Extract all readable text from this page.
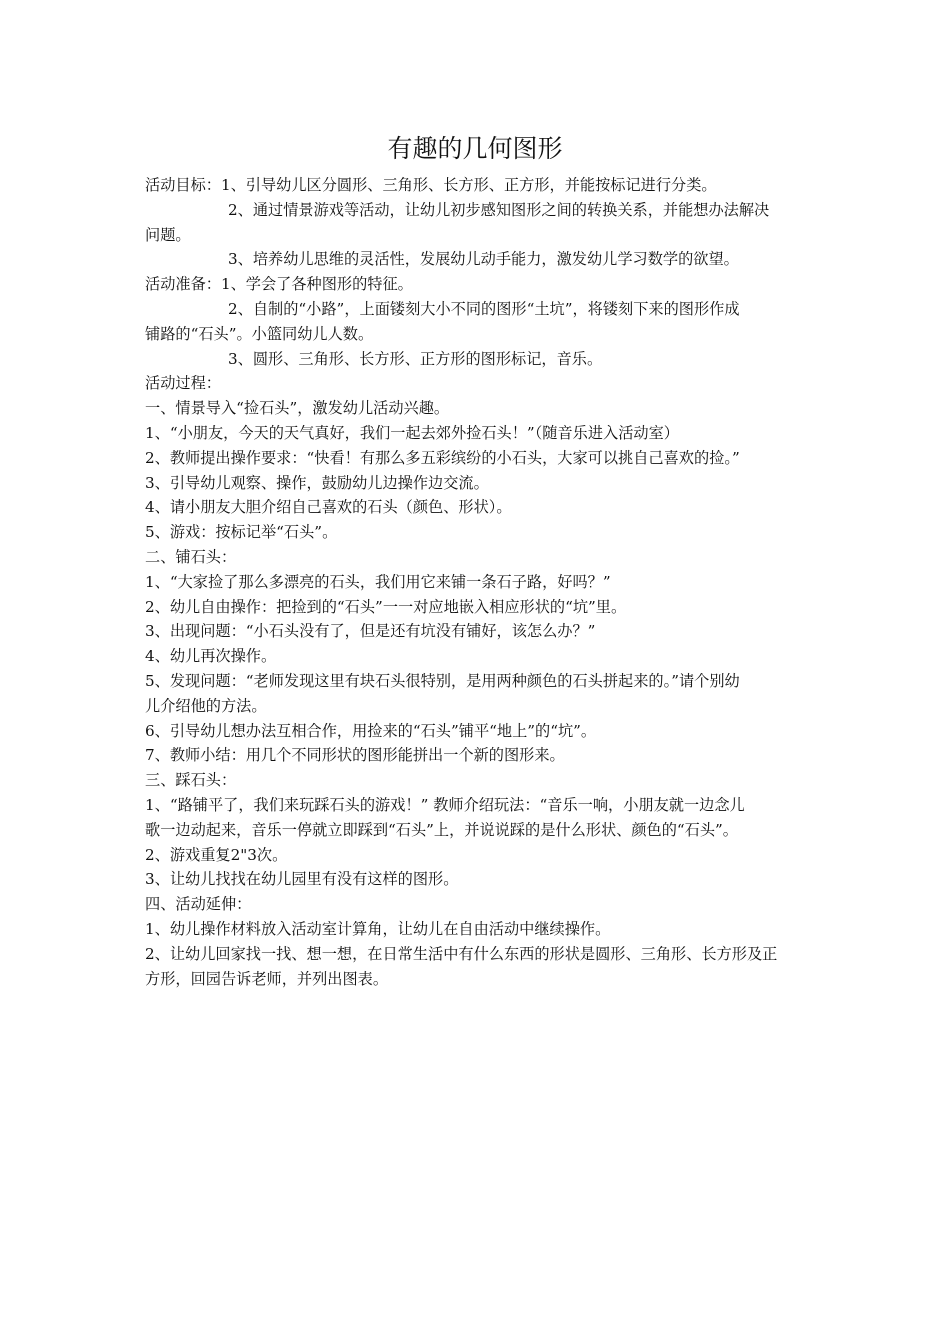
有趣的几何图形

活动目标：1、引导幼儿区分圆形、三角形、长方形、正方形，并能按标记进行分类。

2、通过情景游戏等活动，让幼儿初步感知图形之间的转换关系，并能想办法解决

问题。

3、培养幼儿思维的灵活性，发展幼儿动手能力，激发幼儿学习数学的欲望。

活动准备：1、学会了各种图形的特征。

2、自制的“小路”，上面镂刻大小不同的图形“土坑”，将镂刻下来的图形作成

铺路的“石头”。小篮同幼儿人数。

3、圆形、三角形、长方形、正方形的图形标记，音乐。

活动过程：

一、情景导入“捡石头”，激发幼儿活动兴趣。

1、“小朋友，今天的天气真好，我们一起去郊外捡石头！”（随音乐进入活动室）

2、教师提出操作要求：“快看！有那么多五彩缤纷的小石头，大家可以挑自己喜欢的捡。”

3、引导幼儿观察、操作，鼓励幼儿边操作边交流。

4、请小朋友大胆介绍自己喜欢的石头（颜色、形状）。

5、游戏：按标记举“石头”。

二、铺石头：

1、“大家捡了那么多漂亮的石头，我们用它来铺一条石子路，好吗？”

2、幼儿自由操作：把捡到的“石头”一一对应地嵌入相应形状的“坑”里。

3、出现问题：“小石头没有了，但是还有坑没有铺好，该怎么办？”

4、幼儿再次操作。

5、发现问题：“老师发现这里有块石头很特别，是用两种颜色的石头拼起来的。”请个别幼

儿介绍他的方法。

6、引导幼儿想办法互相合作，用捡来的“石头”铺平“地上”的“坑”。

7、教师小结：用几个不同形状的图形能拼出一个新的图形来。

三、踩石头：

1、“路铺平了，我们来玩踩石头的游戏！” 教师介绍玩法：“音乐一响，小朋友就一边念儿

歌一边动起来，音乐一停就立即踩到“石头”上，并说说踩的是什么形状、颜色的“石头”。

2、游戏重复2"3次。

3、让幼儿找找在幼儿园里有没有这样的图形。

四、活动延伸：

1、幼儿操作材料放入活动室计算角，让幼儿在自由活动中继续操作。

2、让幼儿回家找一找、想一想，在日常生活中有什么东西的形状是圆形、三角形、长方形及正

方形，回园告诉老师，并列出图表。
